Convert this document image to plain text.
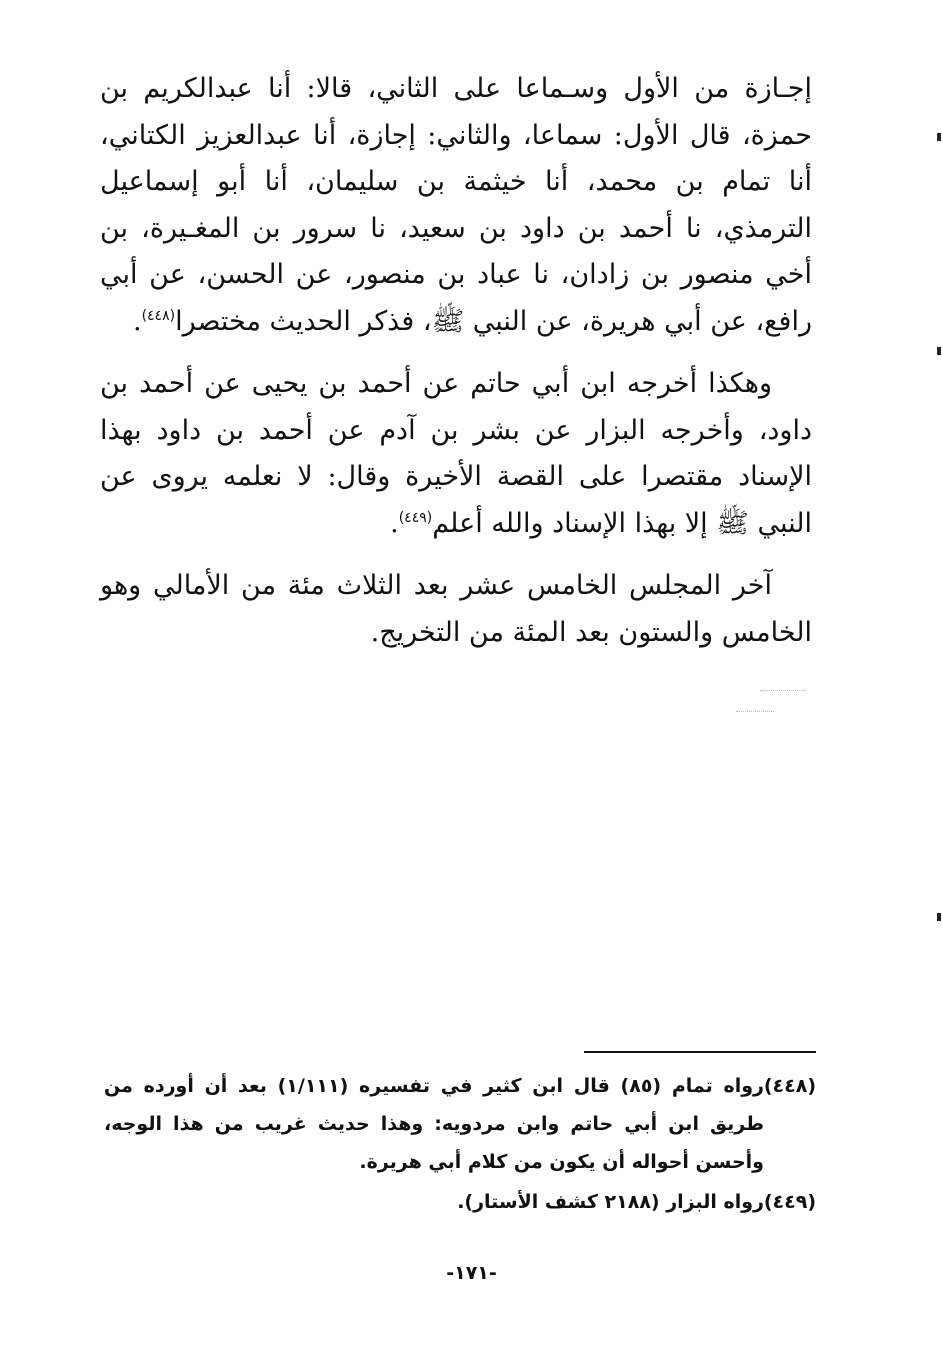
إجـازة من الأول وسـماعا على الثاني، قالا: أنا عبدالكريم بن حمزة، قال الأول: سماعا، والثاني: إجازة، أنا عبدالعزيز الكتاني، أنا تمام بن محمد، أنا خيثمة بن سليمان، أنا أبو إسماعيل الترمذي، نا أحمد بن داود بن سعيد، نا سرور بن المغـيرة، بن أخي منصور بن زادان، نا عباد بن منصور، عن الحسن، عن أبي رافع، عن أبي هريرة، عن النبي ﷺ، فذكر الحديث مختصرا$^{(٤٤٨)}$.

وهكذا أخرجه ابن أبي حاتم عن أحمد بن يحيى عن أحمد بن داود، وأخرجه البزار عن بشر بن آدم عن أحمد بن داود بهذا الإسناد مقتصرا على القصة الأخيرة وقال: لا نعلمه يروى عن النبي ﷺ إلا بهذا الإسناد والله أعلم$^{(٤٤٩)}$.

آخر المجلس الخامس عشر بعد الثلاث مئة من الأمالي وهو الخامس والستون بعد المئة من التخريج.

(٤٤٨)
رواه تمام (٨٥) قال ابن كثير في تفسيره (١/١١١) بعد أن أورده من طريق ابن أبي حاتم وابن مردويه: وهذا حديث غريب من هذا الوجه، وأحسن أحواله أن يكون من كلام أبي هريرة.
(٤٤٩)
رواه البزار (٢١٨٨ كشف الأستار).
-١٧١-
